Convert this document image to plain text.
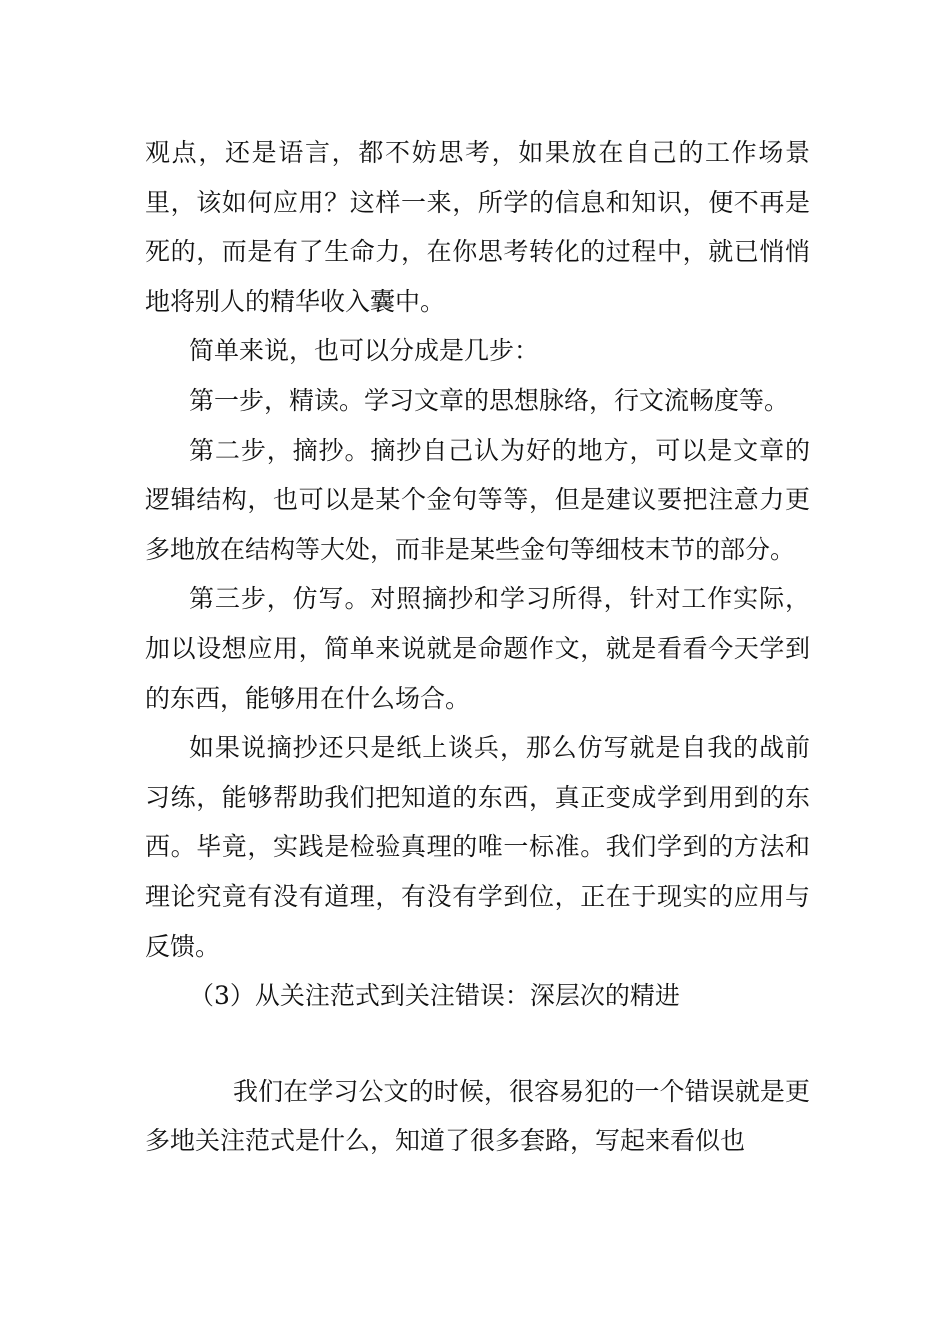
观点，还是语言，都不妨思考，如果放在自己的工作场景里，该如何应用？这样一来，所学的信息和知识，便不再是死的，而是有了生命力，在你思考转化的过程中，就已悄悄地将别人的精华收入囊中。

简单来说，也可以分成是几步：

第一步，精读。学习文章的思想脉络，行文流畅度等。

第二步，摘抄。摘抄自己认为好的地方，可以是文章的逻辑结构，也可以是某个金句等等，但是建议要把注意力更多地放在结构等大处，而非是某些金句等细枝末节的部分。

第三步，仿写。对照摘抄和学习所得，针对工作实际，加以设想应用，简单来说就是命题作文，就是看看今天学到的东西，能够用在什么场合。

如果说摘抄还只是纸上谈兵，那么仿写就是自我的战前习练，能够帮助我们把知道的东西，真正变成学到用到的东西。毕竟，实践是检验真理的唯一标准。我们学到的方法和理论究竟有没有道理，有没有学到位，正在于现实的应用与反馈。

（3）从关注范式到关注错误：深层次的精进

我们在学习公文的时候，很容易犯的一个错误就是更多地关注范式是什么，知道了很多套路，写起来看似也
